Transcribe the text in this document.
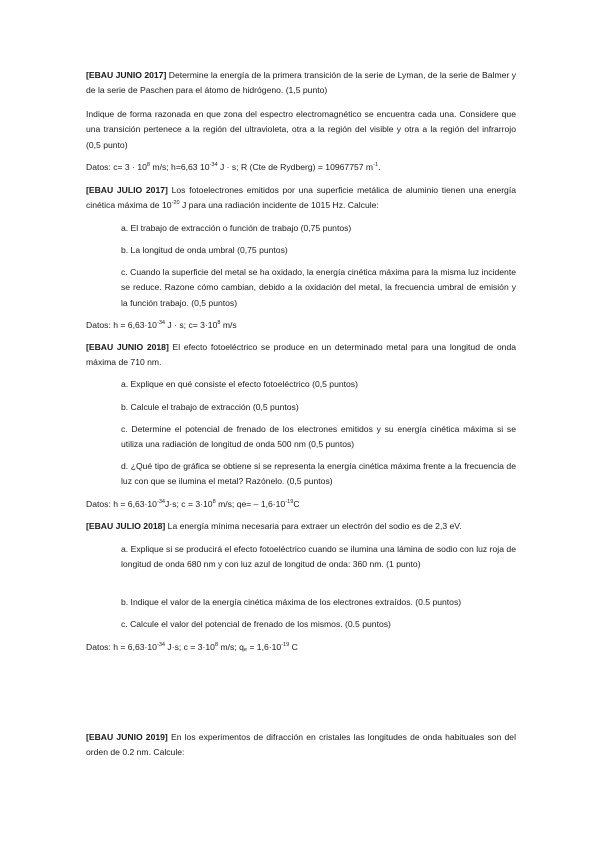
[EBAU JUNIO 2017] Determine la energía de la primera transición de la serie de Lyman, de la serie de Balmer y de la serie de Paschen para el átomo de hidrógeno. (1,5 punto)

Indique de forma razonada en que zona del espectro electromagnético se encuentra cada una. Considere que una transición pertenece a la región del ultravioleta, otra a la región del visible y otra a la región del infrarrojo (0,5 punto)

Datos: $c= 3 \cdot 10^8$ m/s; h=6,63 $10^{-34}$ J · s; R (Cte de Rydberg) = 10967757 $m^{-1}$.

[EBAU JULIO 2017] Los fotoelectrones emitidos por una superficie metálica de aluminio tienen una energía cinética máxima de $10^{-20}$ J para una radiación incidente de 1015 Hz. Calcule:

a. El trabajo de extracción o función de trabajo (0,75 puntos)

b. La longitud de onda umbral (0,75 puntos)

c. Cuando la superficie del metal se ha oxidado, la energía cinética máxima para la misma luz incidente se reduce. Razone cómo cambian, debido a la oxidación del metal, la frecuencia umbral de emisión y la función trabajo. (0,5 puntos)

Datos: $h = 6,63\cdot 10^{-34}$ J · s; $c= 3\cdot 10^8$ m/s

[EBAU JUNIO 2018] El efecto fotoeléctrico se produce en un determinado metal para una longitud de onda máxima de 710 nm.

a. Explique en qué consiste el efecto fotoeléctrico (0,5 puntos)

b. Calcule el trabajo de extracción (0,5 puntos)

c. Determine el potencial de frenado de los electrones emitidos y su energía cinética máxima si se utiliza una radiación de longitud de onda 500 nm (0,5 puntos)

d. ¿Qué tipo de gráfica se obtiene si se representa la energía cinética máxima frente a la frecuencia de luz con que se ilumina el metal? Razónelo. (0,5 puntos)

Datos: $h = 6,63\cdot 10^{-34}J\cdot s$; $c = 3\cdot 10^8$ m/s; $qe= - 1,6\cdot 10^{-19}C$

[EBAU JULIO 2018] La energía mínima necesaria para extraer un electrón del sodio es de 2,3 eV.

a. Explique si se producirá el efecto fotoeléctrico cuando se ilumina una lámina de sodio con luz roja de longitud de onda 680 nm y con luz azul de longitud de onda: 360 nm. (1 punto)

b. Indique el valor de la energía cinética máxima de los electrones extraídos. (0.5 puntos)

c. Calcule el valor del potencial de frenado de los mismos. (0.5 puntos)

Datos: $h = 6,63\cdot 10^{-34}$ J·s; $c = 3\cdot 10^8$ m/s; $q_e = 1,6\cdot 10^{-19}$ C

[EBAU JUNIO 2019] En los experimentos de difracción en cristales las longitudes de onda habituales son del orden de 0.2 nm. Calcule:
